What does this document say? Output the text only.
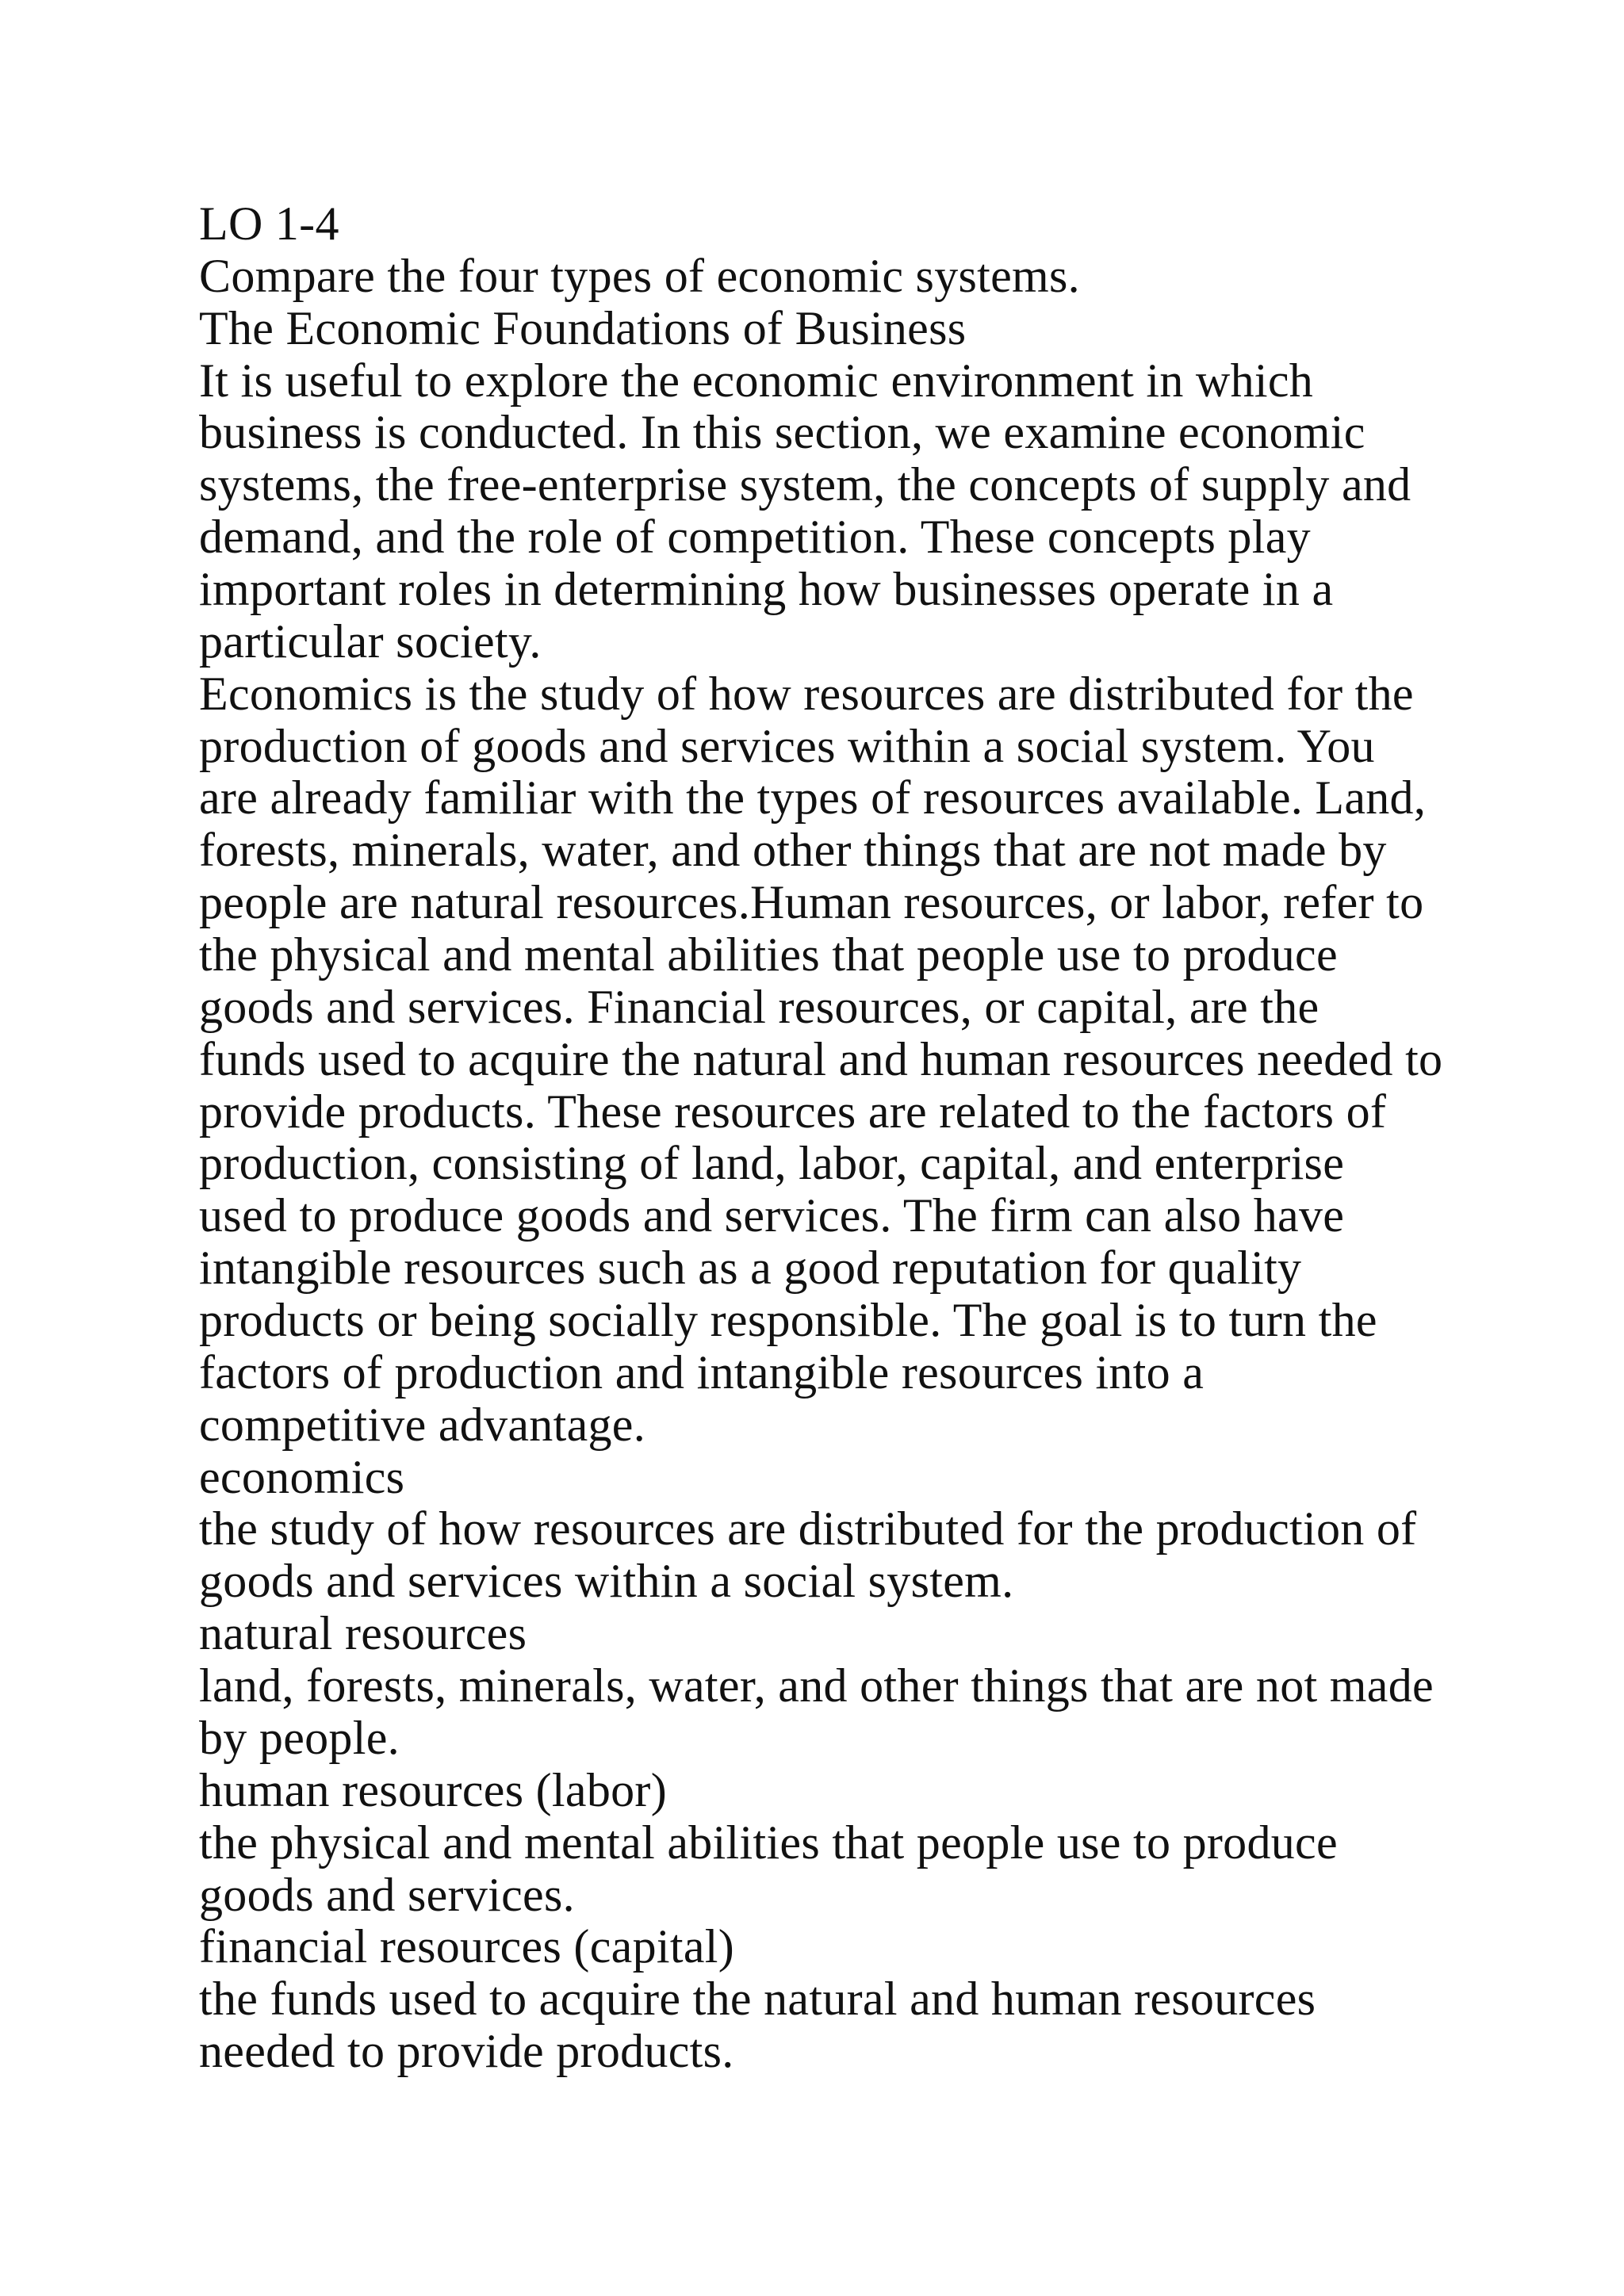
LO 1-4
Compare the four types of economic systems.
The Economic Foundations of Business
It is useful to explore the economic environment in which
business is conducted. In this section, we examine economic
systems, the free-enterprise system, the concepts of supply and
demand, and the role of competition. These concepts play
important roles in determining how businesses operate in a
particular society.
Economics is the study of how resources are distributed for the
production of goods and services within a social system. You
are already familiar with the types of resources available. Land,
forests, minerals, water, and other things that are not made by
people are natural resources.Human resources, or labor, refer to
the physical and mental abilities that people use to produce
goods and services. Financial resources, or capital, are the
funds used to acquire the natural and human resources needed to
provide products. These resources are related to the factors of
production, consisting of land, labor, capital, and enterprise
used to produce goods and services. The firm can also have
intangible resources such as a good reputation for quality
products or being socially responsible. The goal is to turn the
factors of production and intangible resources into a
competitive advantage.
economics
the study of how resources are distributed for the production of
goods and services within a social system.
natural resources
land, forests, minerals, water, and other things that are not made
by people.
human resources (labor)
the physical and mental abilities that people use to produce
goods and services.
financial resources (capital)
the funds used to acquire the natural and human resources
needed to provide products.
